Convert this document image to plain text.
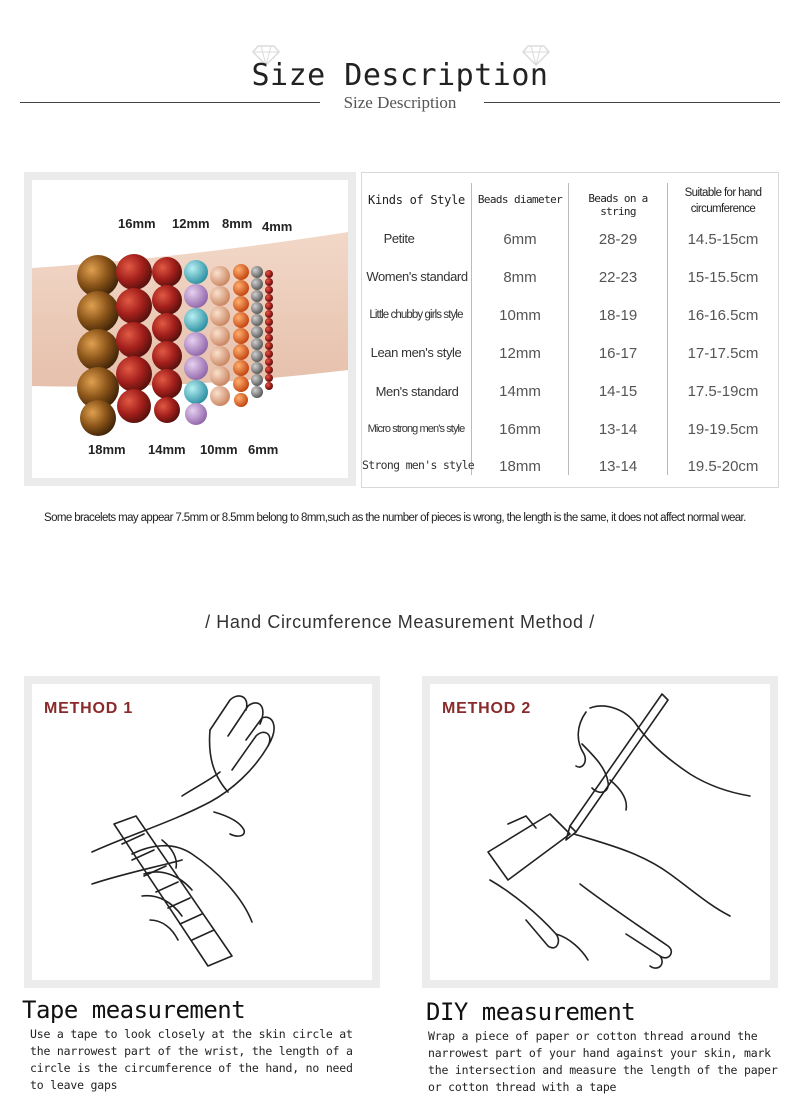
Size Description
Size Description
16mm 12mm 8mm 4mm
18mm 14mm 10mm 6mm
Kinds of Style	Beads diameter	Beads on a string
Suitable for hand
circumference
Petite	6mm	28-29	14.5-15cm
Women's standard	8mm	22-23	15-15.5cm
Little chubby girls style	10mm	18-19	16-16.5cm
Lean men's style	12mm	16-17	17-17.5cm
Men's standard	14mm	14-15	17.5-19cm
Micro strong men's style	16mm	13-14	19-19.5cm
Strong men's style	18mm	13-14	19.5-20cm
Some bracelets may appear 7.5mm or 8.5mm belong to 8mm,such as the number of pieces is wrong, the length is the same, it does not affect normal wear.
/ Hand Circumference Measurement Method /
METHOD 1
Tape measurement
Use a tape to look closely at the skin circle at
the narrowest part of the wrist, the length of a
circle is the circumference of the hand, no need
to leave gaps
METHOD 2
DIY measurement
Wrap a piece of paper or cotton thread around the
narrowest part of your hand against your skin, mark
the intersection and measure the length of the paper
or cotton thread with a tape
